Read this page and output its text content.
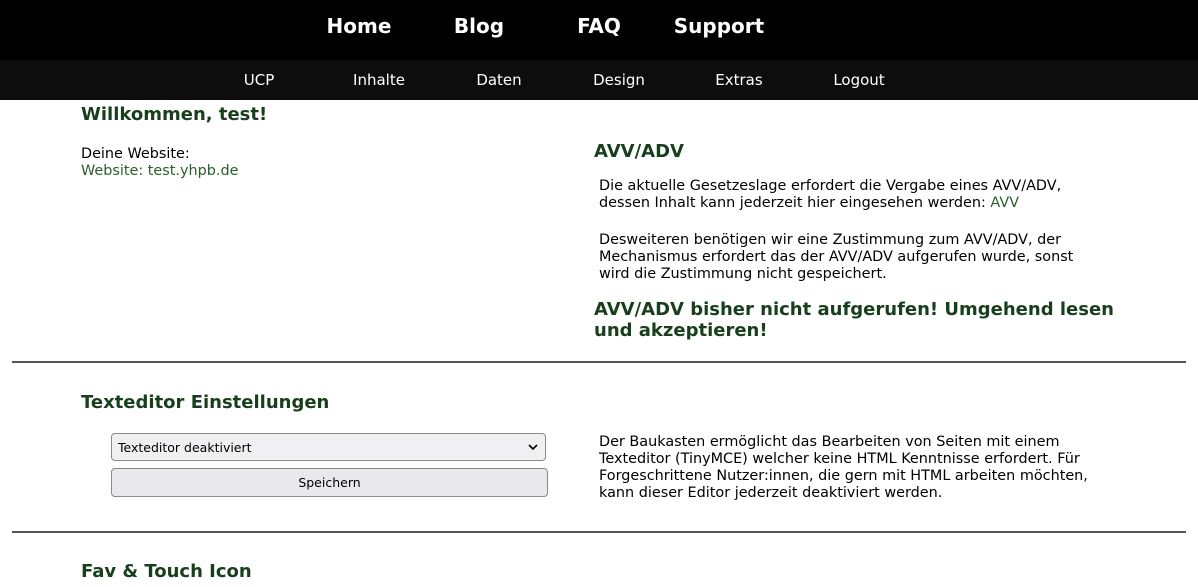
Home	Blog	FAQ	Support
UCP	Inhalte	Daten	Design	Extras	Logout
Willkommen, test!
Deine Website:
Website: test.yhpb.de
AVV/ADV
Die aktuelle Gesetzeslage erfordert die Vergabe eines AVV/ADV,
dessen Inhalt kann jederzeit hier eingesehen werden: AVV
Desweiteren benötigen wir eine Zustimmung zum AVV/ADV, der
Mechanismus erfordert das der AVV/ADV aufgerufen wurde, sonst
wird die Zustimmung nicht gespeichert.
AVV/ADV bisher nicht aufgerufen! Umgehend lesen
und akzeptieren!
Texteditor Einstellungen
Texteditor deaktiviert
Speichern
Der Baukasten ermöglicht das Bearbeiten von Seiten mit einem
Texteditor (TinyMCE) welcher keine HTML Kenntnisse erfordert. Für
Forgeschrittene Nutzer:innen, die gern mit HTML arbeiten möchten,
kann dieser Editor jederzeit deaktiviert werden.
Fav & Touch Icon
